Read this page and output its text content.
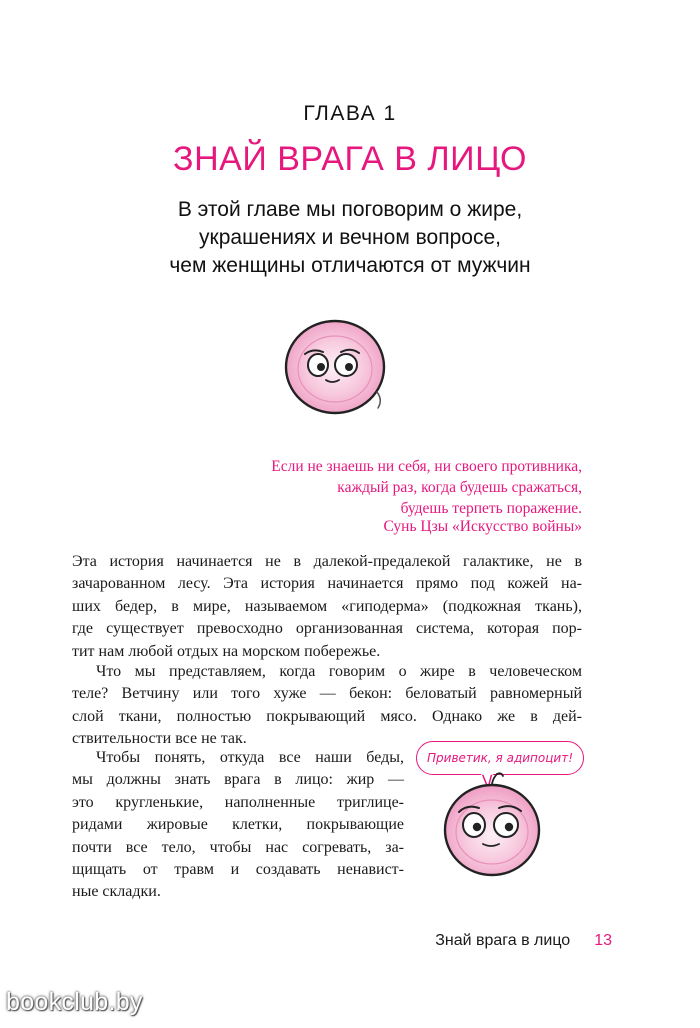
ГЛАВА 1
ЗНАЙ ВРАГА В ЛИЦО
В этой главе мы поговорим о жире,
украшениях и вечном вопросе,
чем женщины отличаются от мужчин
Если не знаешь ни себя, ни своего противника,
каждый раз, когда будешь сражаться,
будешь терпеть поражение.
Сунь Цзы «Искусство войны»
Эта история начинается не в далекой-предалекой галактике, не в
зачарованном лесу. Эта история начинается прямо под кожей на-
ших бедер, в мире, называемом «гиподерма» (подкожная ткань),
где существует превосходно организованная система, которая пор-
тит нам любой отдых на морском побережье.
Что мы представляем, когда говорим о жире в человеческом
теле? Ветчину или того хуже — бекон: беловатый равномерный
слой ткани, полностью покрывающий мясо. Однако же в дей-
ствительности все не так.
Чтобы понять, откуда все наши беды,
мы должны знать врага в лицо: жир —
это кругленькие, наполненные триглице-
ридами жировые клетки, покрывающие
почти все тело, чтобы нас согревать, за-
щищать от травм и создавать ненавист-
ные складки.
Приветик, я адипоцит!
Знай врага в лицо 13
bookclub.by
